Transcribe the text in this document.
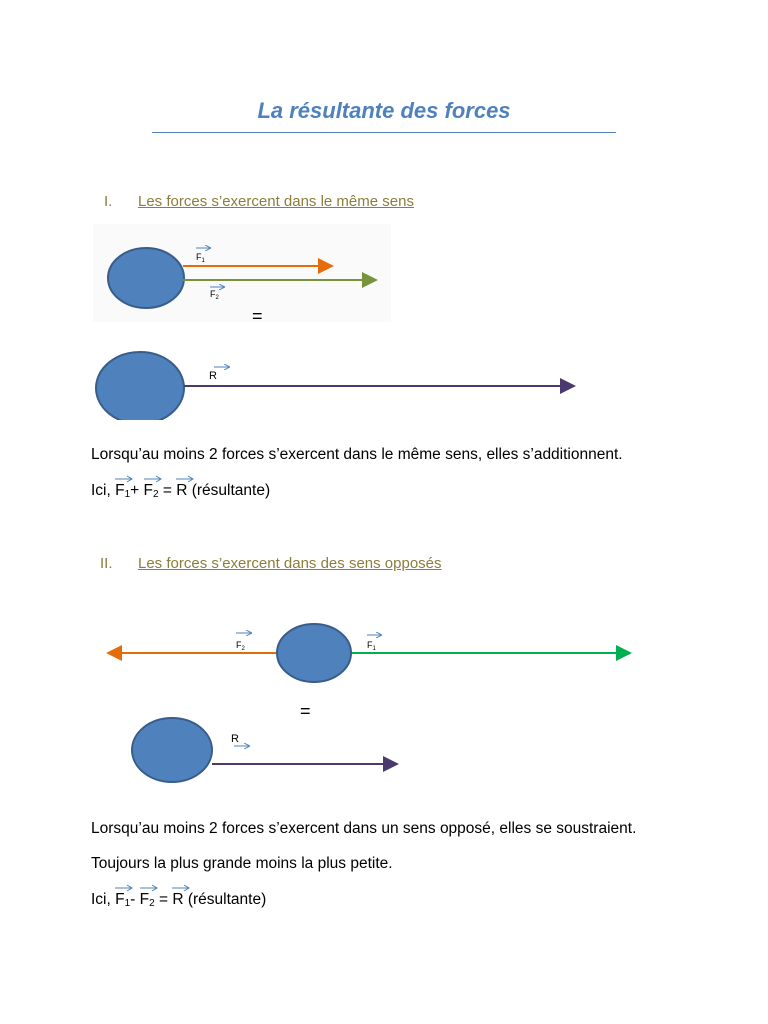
La résultante des forces
I. Les forces s’exercent dans le même sens
$F_1$
$F_2$
=
R
Lorsqu’au moins 2 forces s’exercent dans le même sens, elles s’additionnent.
Ici,
$F_1+$
$F_2$ =
R (résultante)
II. Les forces s’exercent dans des sens opposés
$F_2$	$F_1$
=
R
Lorsqu’au moins 2 forces s’exercent dans un sens opposé, elles se soustraient.
Toujours la plus grande moins la plus petite.
Ici,
$F_1-$
$F_2$ =
R (résultante)
